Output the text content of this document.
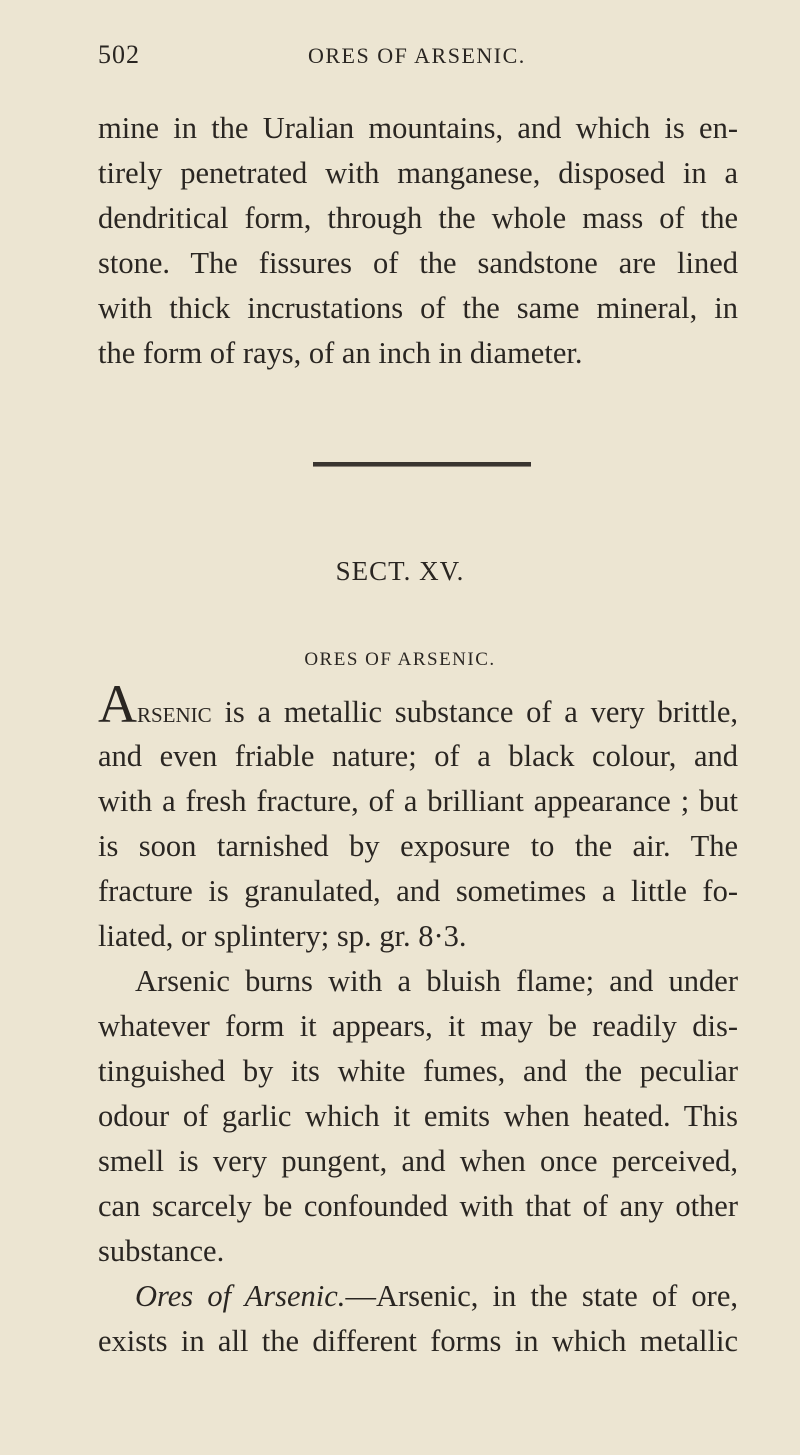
502	ORES OF ARSENIC.
mine in the Uralian mountains, and which is en-
tirely penetrated with manganese, disposed in a
dendritical form, through the whole mass of the
stone. The fissures of the sandstone are lined
with thick incrustations of the same mineral, in
the form of rays, of an inch in diameter.
SECT. XV.
ORES OF ARSENIC.
Arsenic is a metallic substance of a very brittle,
and even friable nature; of a black colour, and
with a fresh fracture, of a brilliant appearance ; but
is soon tarnished by exposure to the air. The
fracture is granulated, and sometimes a little fo-
liated, or splintery; sp. gr. 8·3.
Arsenic burns with a bluish flame; and under
whatever form it appears, it may be readily dis-
tinguished by its white fumes, and the peculiar
odour of garlic which it emits when heated. This
smell is very pungent, and when once perceived,
can scarcely be confounded with that of any other
substance.
Ores of Arsenic.—Arsenic, in the state of ore,
exists in all the different forms in which metallic
